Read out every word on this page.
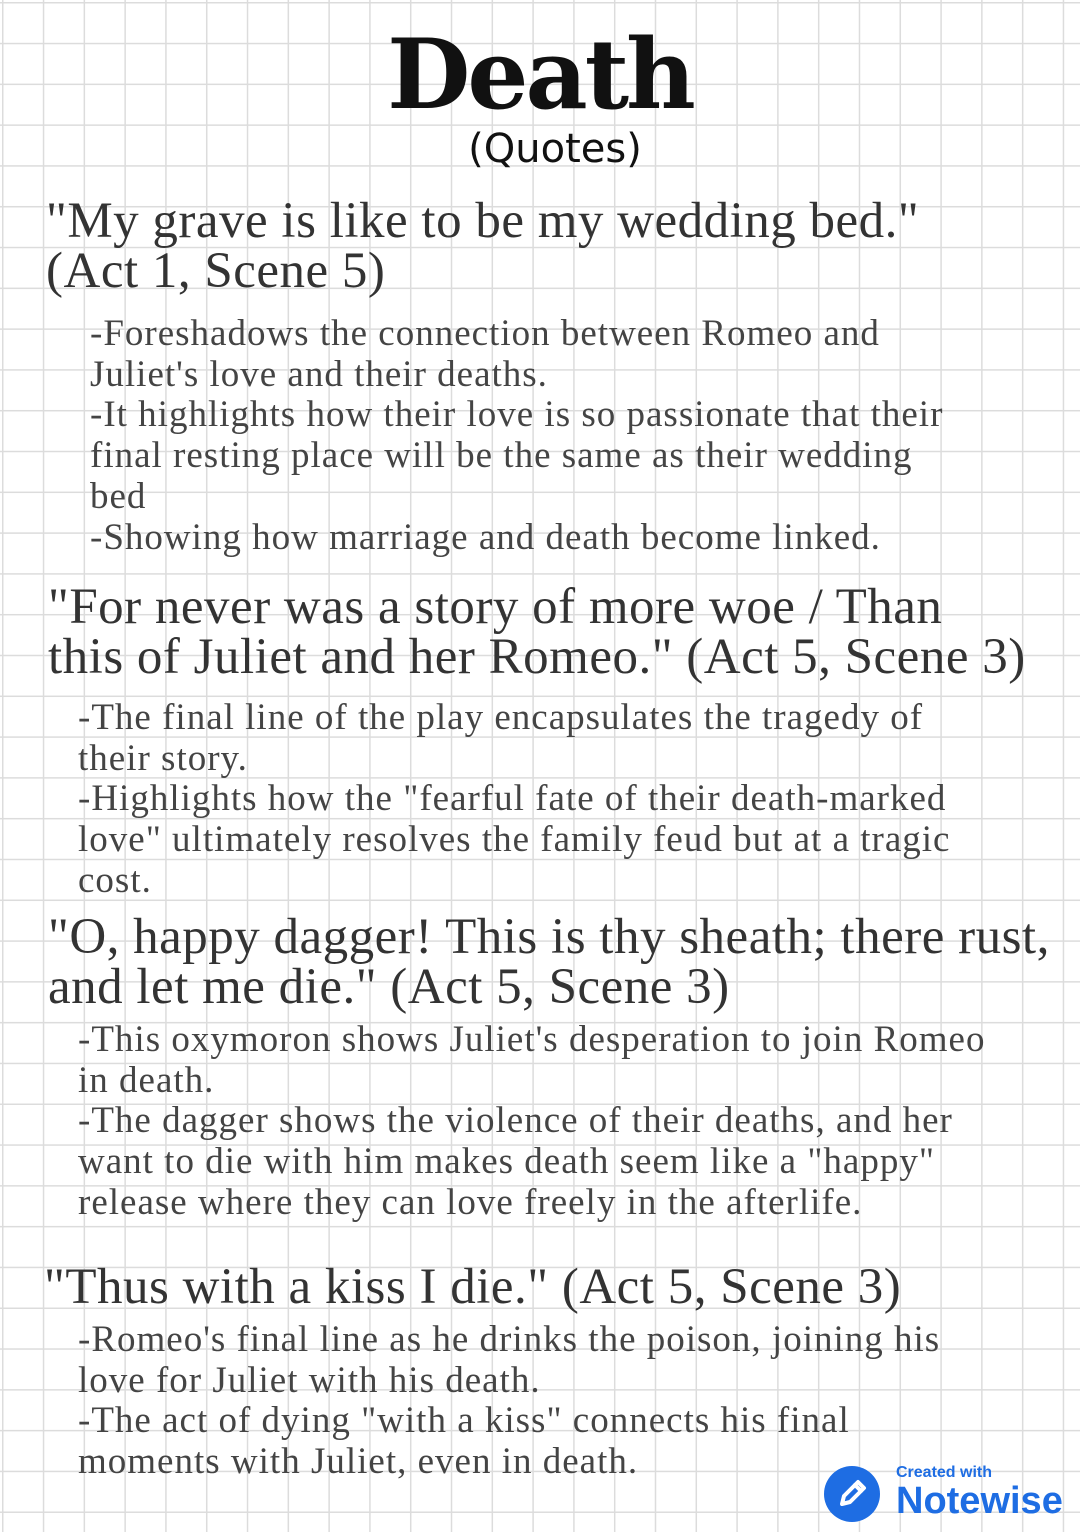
Death
(Quotes)
"My grave is like to be my wedding bed."
(Act 1, Scene 5)
-Foreshadows the connection between Romeo and
Juliet's love and their deaths.
-It highlights how their love is so passionate that their
final resting place will be the same as their wedding
bed
-Showing how marriage and death become linked.
"For never was a story of more woe / Than
this of Juliet and her Romeo." (Act 5, Scene 3)
-The final line of the play encapsulates the tragedy of
their story.
-Highlights how the "fearful fate of their death-marked
love" ultimately resolves the family feud but at a tragic
cost.
"O, happy dagger! This is thy sheath; there rust,
and let me die." (Act 5, Scene 3)
-This oxymoron shows Juliet's desperation to join Romeo
in death.
-The dagger shows the violence of their deaths, and her
want to die with him makes death seem like a "happy"
release where they can love freely in the afterlife.
"Thus with a kiss I die." (Act 5, Scene 3)
-Romeo's final line as he drinks the poison, joining his
love for Juliet with his death.
-The act of dying "with a kiss" connects his final
moments with Juliet, even in death.	Created with
Notewise
